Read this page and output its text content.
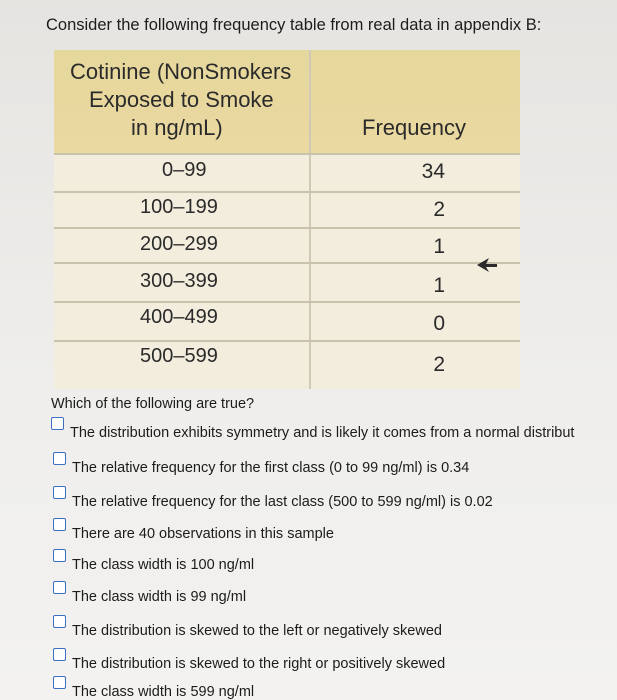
Consider the following frequency table from real data in appendix B:
Cotinine (NonSmokers
Exposed to Smoke
in ng/mL)	Frequency
0–99	34
100–199	2
200–299	1
300–399	1
400–499	0
500–599	2
Which of the following are true?
The distribution exhibits symmetry and is likely it comes from a normal distribut
The relative frequency for the first class (0 to 99 ng/ml) is 0.34
The relative frequency for the last class (500 to 599 ng/ml) is 0.02
There are 40 observations in this sample
The class width is 100 ng/ml
The class width is 99 ng/ml
The distribution is skewed to the left or negatively skewed
The distribution is skewed to the right or positively skewed
The class width is 599 ng/ml
